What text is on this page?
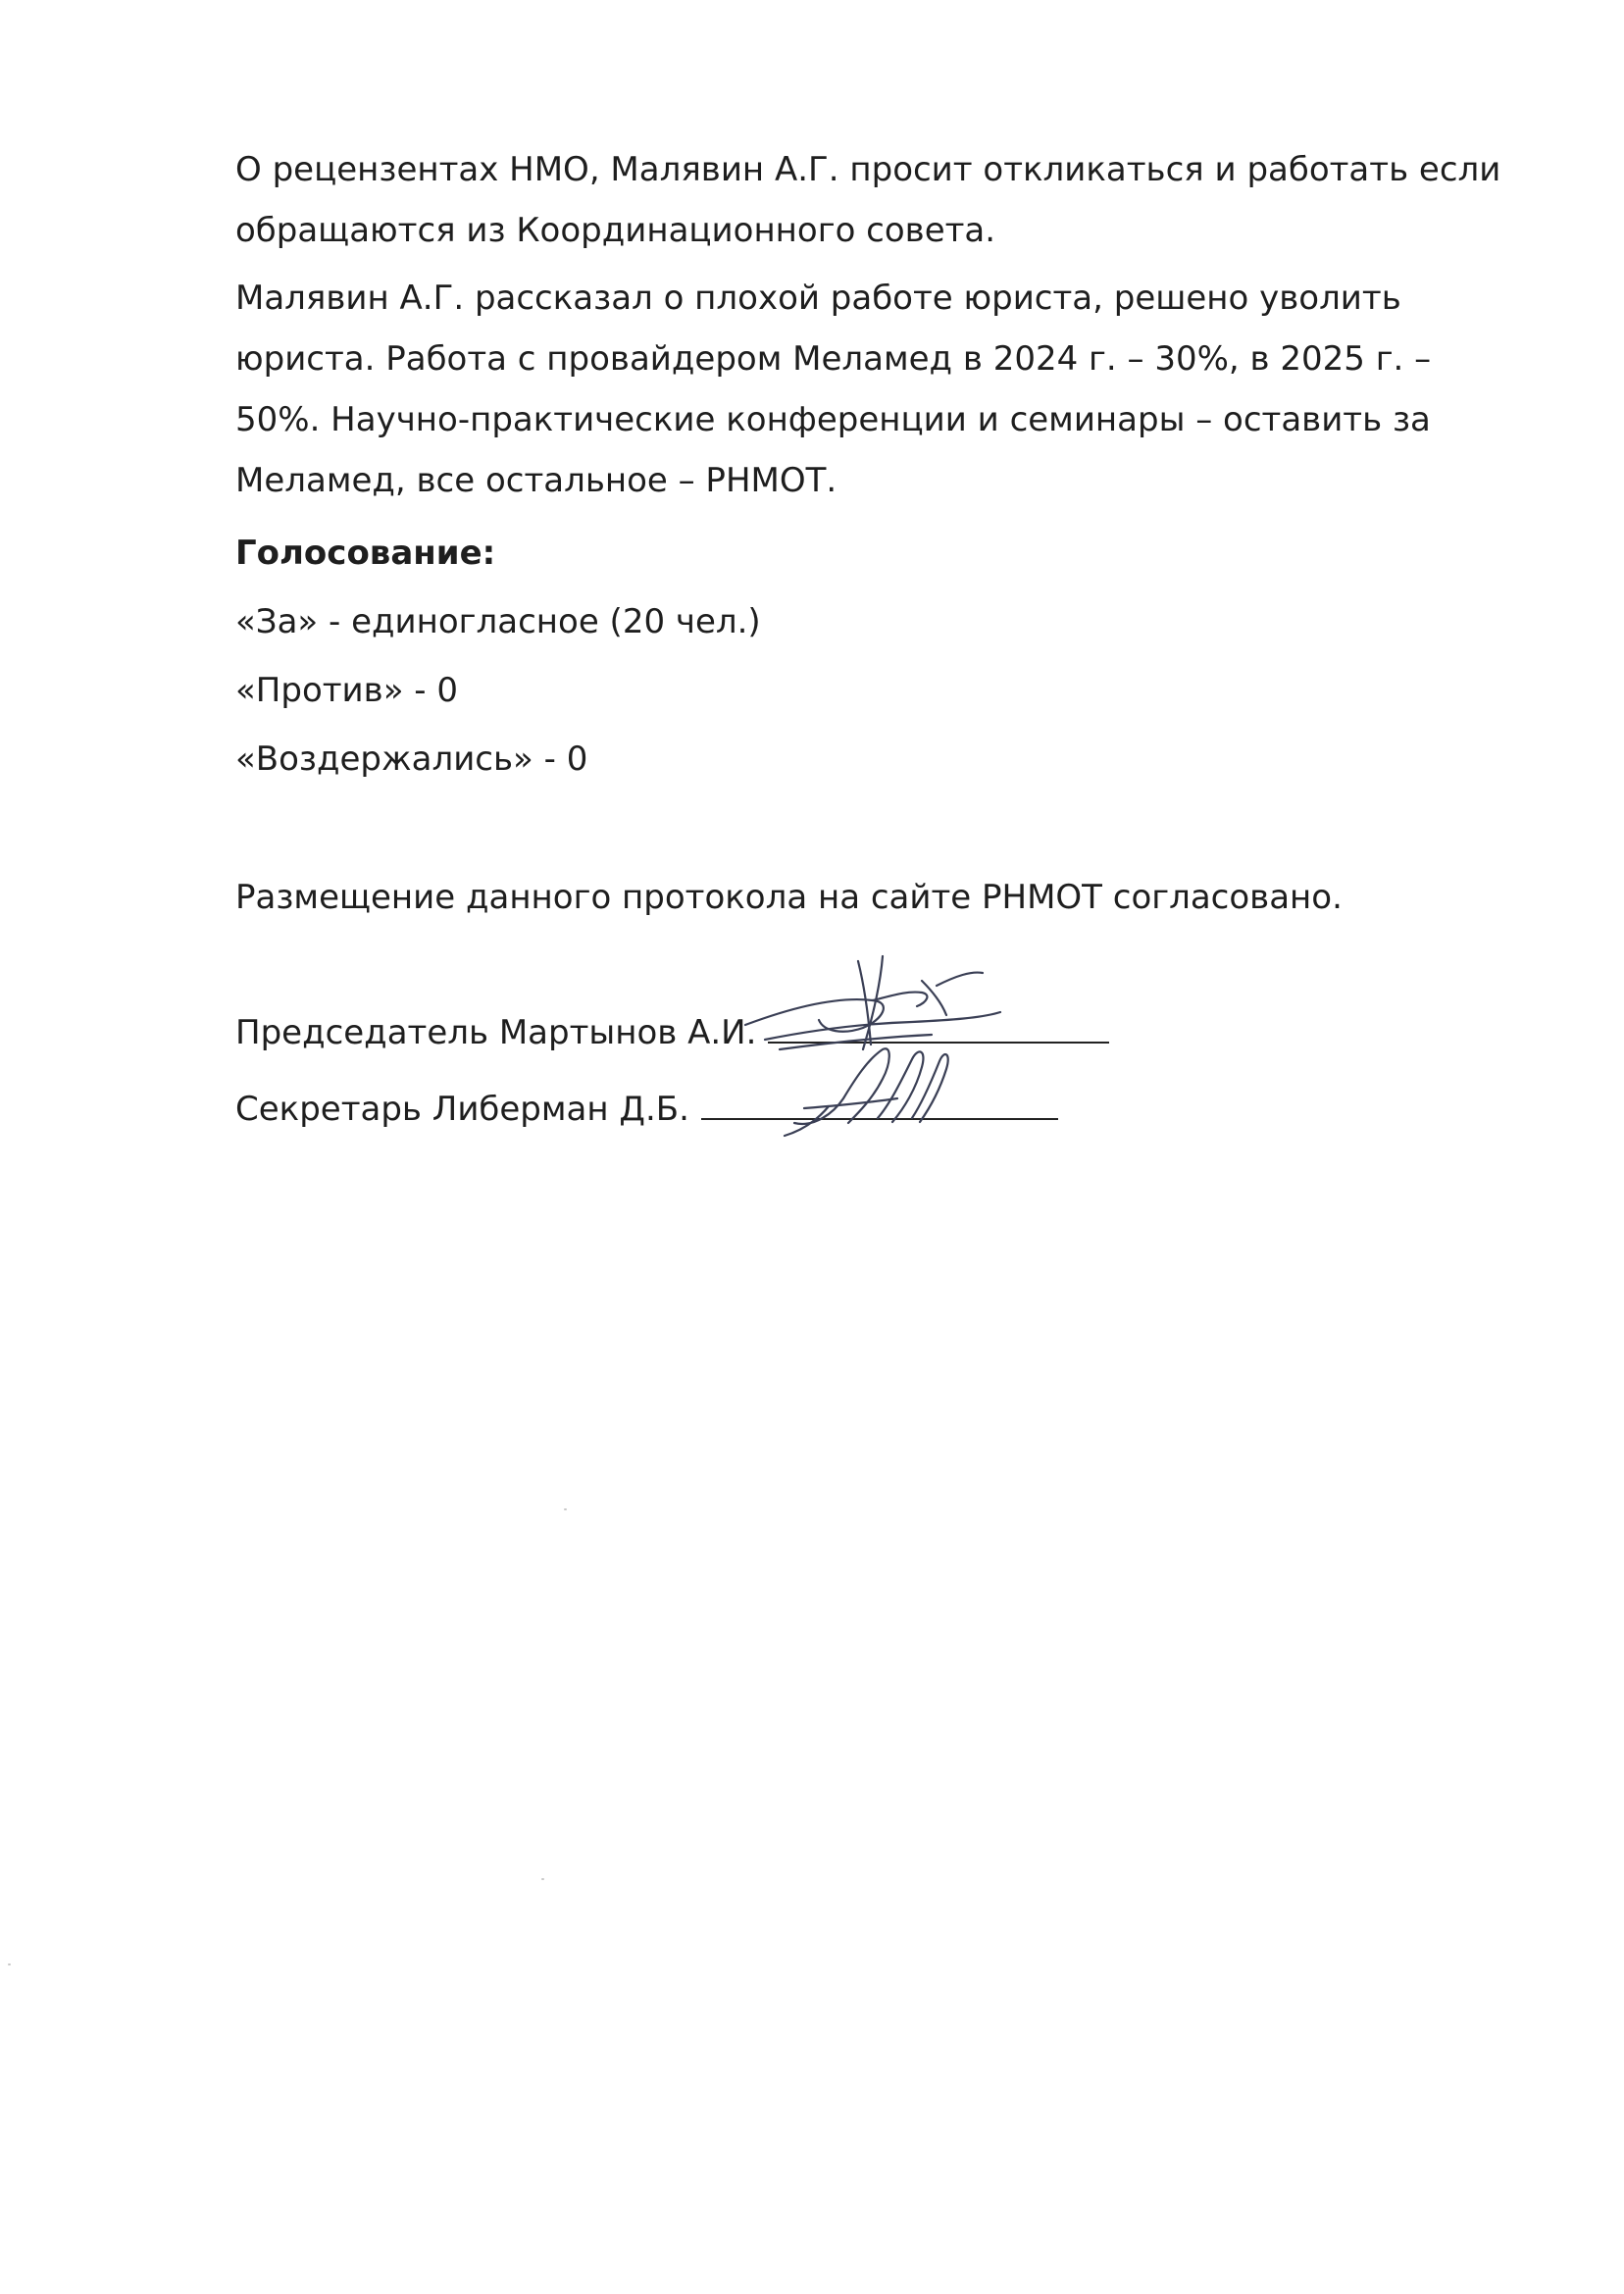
О рецензентах НМО, Малявин А.Г. просит откликаться и работать если
обращаются из Координационного совета.

Малявин А.Г. рассказал о плохой работе юриста, решено уволить
юриста. Работа с провайдером Меламед в 2024 г. – 30%, в 2025 г. –
50%. Научно-практические конференции и семинары – оставить за
Меламед, все остальное – РНМОТ.

Голосование:

«За» - единогласное (20 чел.)

«Против» - 0

«Воздержались» - 0

Размещение данного протокола на сайте РНМОТ согласовано.

Председатель Мартынов А.И.
Секретарь Либерман Д.Б.
